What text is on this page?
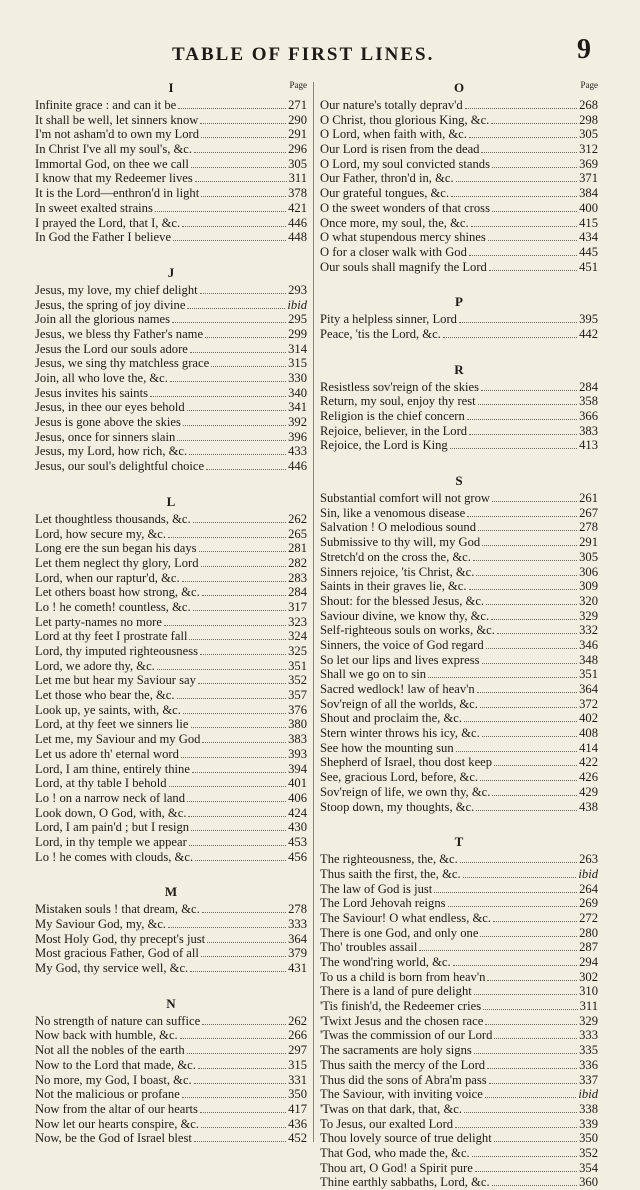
TABLE OF FIRST LINES.	9
I	Page
Infinite grace : and can it be	271
It shall be well, let sinners know	290
I'm not asham'd to own my Lord	291
In Christ I've all my soul's, &c.	296
Immortal God, on thee we call	305
I know that my Redeemer lives	311
It is the Lord—enthron'd in light	378
In sweet exalted strains	421
I prayed the Lord, that I, &c.	446
In God the Father I believe	448
J
Jesus, my love, my chief delight	293
Jesus, the spring of joy divine	ibid
Join all the glorious names	295
Jesus, we bless thy Father's name	299
Jesus the Lord our souls adore	314
Jesus, we sing thy matchless grace	315
Join, all who love the, &c.	330
Jesus invites his saints	340
Jesus, in thee our eyes behold	341
Jesus is gone above the skies	392
Jesus, once for sinners slain	396
Jesus, my Lord, how rich, &c.	433
Jesus, our soul's delightful choice	446
L
Let thoughtless thousands, &c.	262
Lord, how secure my, &c.	265
Long ere the sun began his days	281
Let them neglect thy glory, Lord	282
Lord, when our raptur'd, &c.	283
Let others boast how strong, &c.	284
Lo ! he cometh! countless, &c.	317
Let party-names no more	323
Lord at thy feet I prostrate fall	324
Lord, thy imputed righteousness	325
Lord, we adore thy, &c.	351
Let me but hear my Saviour say	352
Let those who bear the, &c.	357
Look up, ye saints, with, &c.	376
Lord, at thy feet we sinners lie	380
Let me, my Saviour and my God	383
Let us adore th' eternal word	393
Lord, I am thine, entirely thine	394
Lord, at thy table I behold	401
Lo ! on a narrow neck of land	406
Look down, O God, with, &c.	424
Lord, I am pain'd ; but I resign	430
Lord, in thy temple we appear	453
Lo ! he comes with clouds, &c.	456
M
Mistaken souls ! that dream, &c.	278
My Saviour God, my, &c.	333
Most Holy God, thy precept's just	364
Most gracious Father, God of all	379
My God, thy service well, &c.	431
N
No strength of nature can suffice	262
Now back with humble, &c.	266
Not all the nobles of the earth	297
Now to the Lord that made, &c.	315
No more, my God, I boast, &c.	331
Not the malicious or profane	350
Now from the altar of our hearts	417
Now let our hearts conspire, &c.	436
Now, be the God of Israel blest	452
O	Page
Our nature's totally deprav'd	268
O Christ, thou glorious King, &c.	298
O Lord, when faith with, &c.	305
Our Lord is risen from the dead	312
O Lord, my soul convicted stands	369
Our Father, thron'd in, &c.	371
Our grateful tongues, &c.	384
O the sweet wonders of that cross	400
Once more, my soul, the, &c.	415
O what stupendous mercy shines	434
O for a closer walk with God	445
Our souls shall magnify the Lord	451
P
Pity a helpless sinner, Lord	395
Peace, 'tis the Lord, &c.	442
R
Resistless sov'reign of the skies	284
Return, my soul, enjoy thy rest	358
Religion is the chief concern	366
Rejoice, believer, in the Lord	383
Rejoice, the Lord is King	413
S
Substantial comfort will not grow	261
Sin, like a venomous disease	267
Salvation ! O melodious sound	278
Submissive to thy will, my God	291
Stretch'd on the cross the, &c.	305
Sinners rejoice, 'tis Christ, &c.	306
Saints in their graves lie, &c.	309
Shout: for the blessed Jesus, &c.	320
Saviour divine, we know thy, &c.	329
Self-righteous souls on works, &c.	332
Sinners, the voice of God regard	346
So let our lips and lives express	348
Shall we go on to sin	351
Sacred wedlock! law of heav'n	364
Sov'reign of all the worlds, &c.	372
Shout and proclaim the, &c.	402
Stern winter throws his icy, &c.	408
See how the mounting sun	414
Shepherd of Israel, thou dost keep	422
See, gracious Lord, before, &c.	426
Sov'reign of life, we own thy, &c.	429
Stoop down, my thoughts, &c.	438
T
The righteousness, the, &c.	263
Thus saith the first, the, &c.	ibid
The law of God is just	264
The Lord Jehovah reigns	269
The Saviour! O what endless, &c.	272
There is one God, and only one	280
Tho' troubles assail	287
The wond'ring world, &c.	294
To us a child is born from heav'n	302
There is a land of pure delight	310
'Tis finish'd, the Redeemer cries	311
'Twixt Jesus and the chosen race	329
'Twas the commission of our Lord	333
The sacraments are holy signs	335
Thus saith the mercy of the Lord	336
Thus did the sons of Abra'm pass	337
The Saviour, with inviting voice	ibid
'Twas on that dark, that, &c.	338
To Jesus, our exalted Lord	339
Thou lovely source of true delight	350
That God, who made the, &c.	352
Thou art, O God! a Spirit pure	354
Thine earthly sabbaths, Lord, &c.	360
